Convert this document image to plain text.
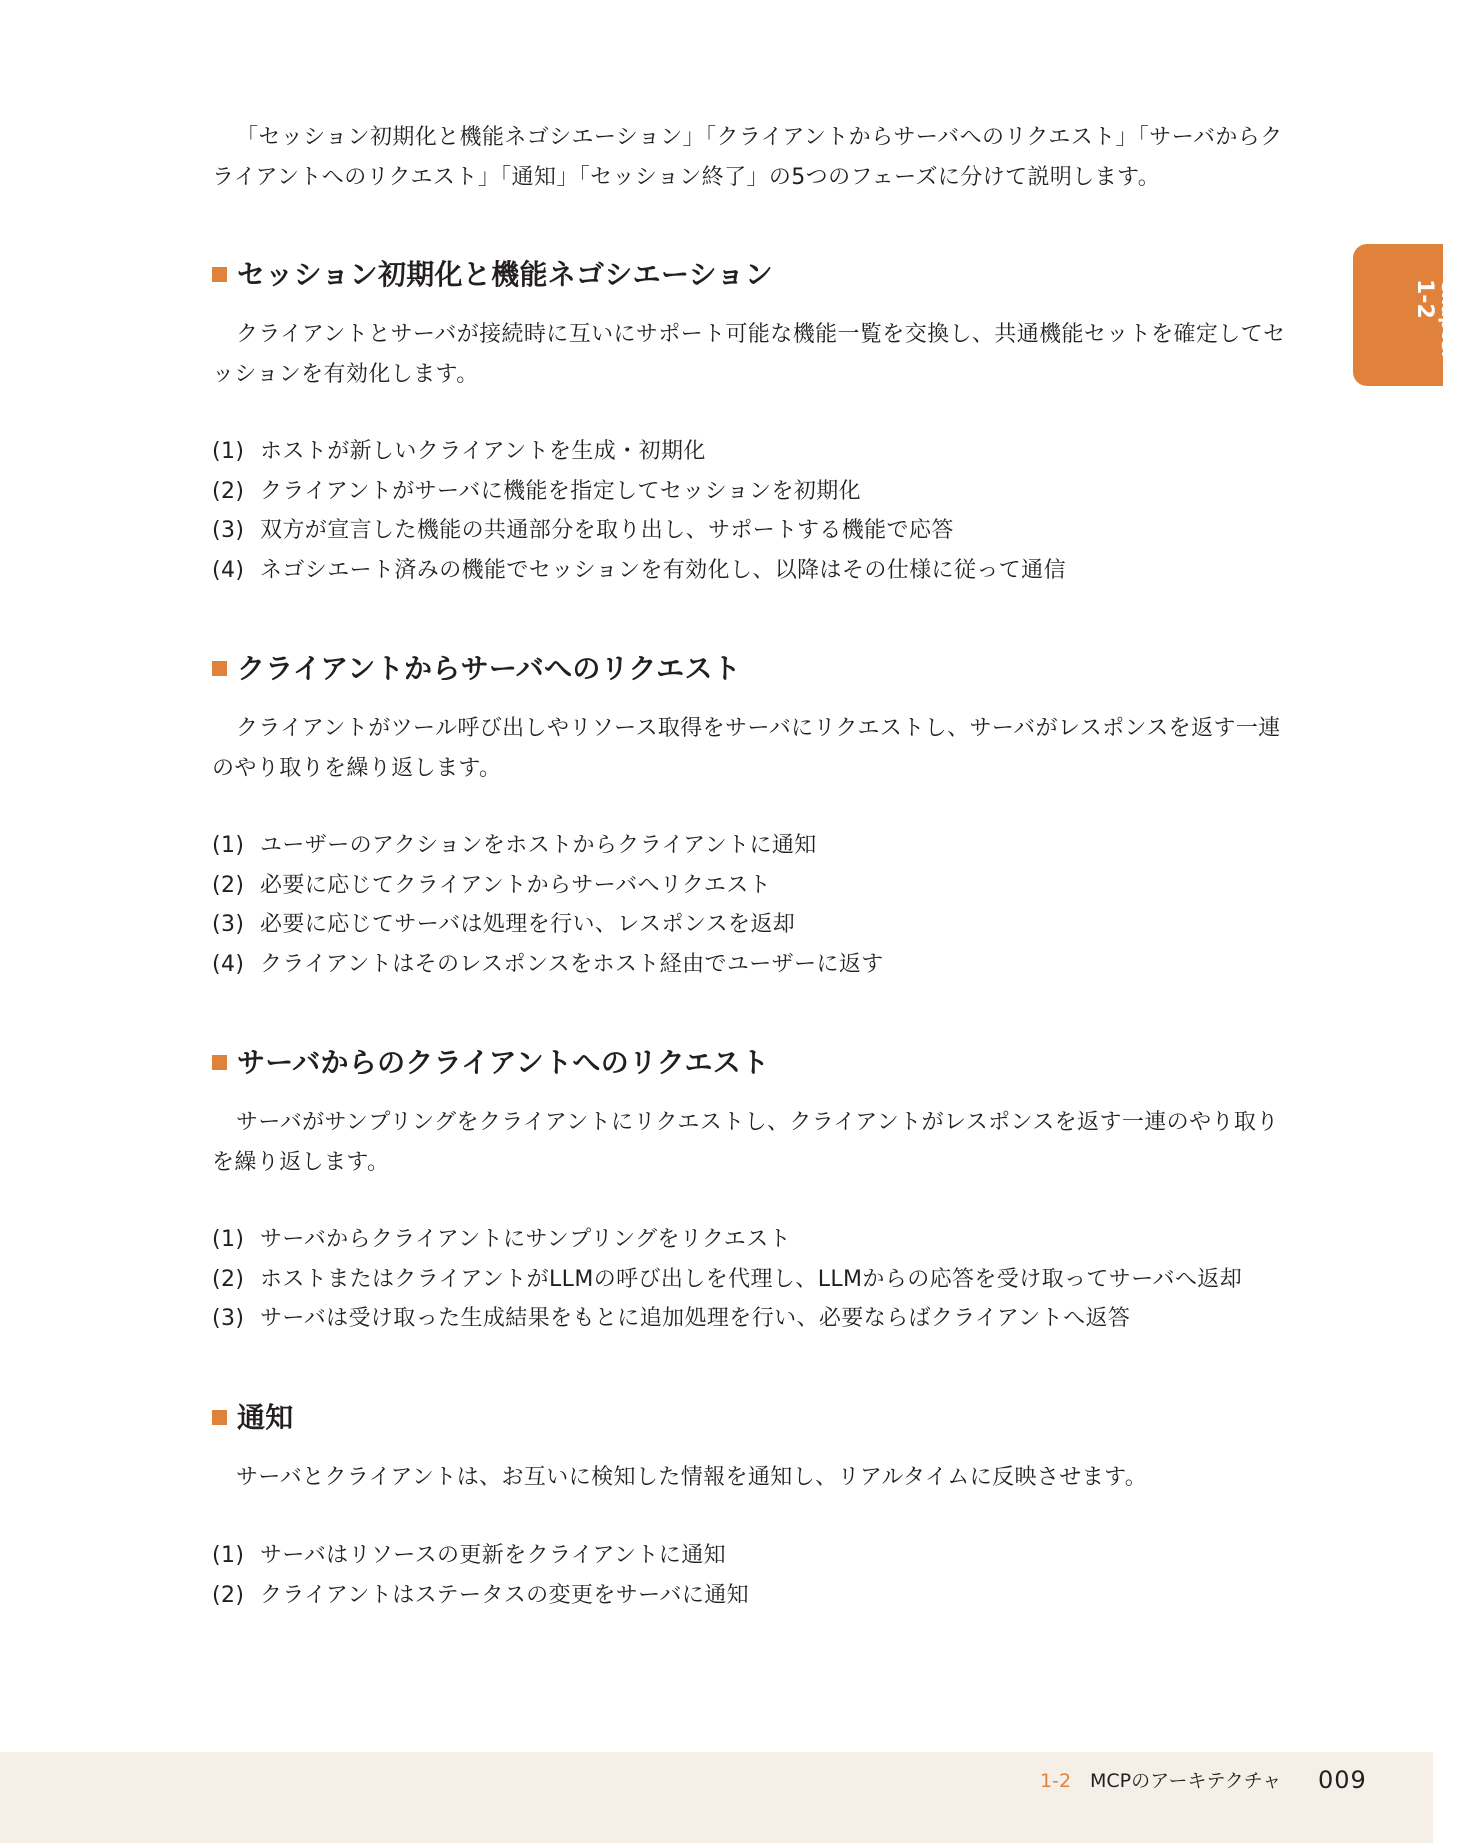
「セッション初期化と機能ネゴシエーション」「クライアントからサーバへのリクエスト」「サーバからクライアントへのリクエスト」「通知」「セッション終了」の5つのフェーズに分けて説明します。

セッション初期化と機能ネゴシエーション

クライアントとサーバが接続時に互いにサポート可能な機能一覧を交換し、共通機能セットを確定してセッションを有効化します。

(1) ホストが新しいクライアントを生成・初期化
(2) クライアントがサーバに機能を指定してセッションを初期化
(3) 双方が宣言した機能の共通部分を取り出し、サポートする機能で応答
(4) ネゴシエート済みの機能でセッションを有効化し、以降はその仕様に従って通信
クライアントからサーバへのリクエスト

クライアントがツール呼び出しやリソース取得をサーバにリクエストし、サーバがレスポンスを返す一連のやり取りを繰り返します。

(1) ユーザーのアクションをホストからクライアントに通知
(2) 必要に応じてクライアントからサーバへリクエスト
(3) 必要に応じてサーバは処理を行い、レスポンスを返却
(4) クライアントはそのレスポンスをホスト経由でユーザーに返す
サーバからのクライアントへのリクエスト

サーバがサンプリングをクライアントにリクエストし、クライアントがレスポンスを返す一連のやり取りを繰り返します。

(1) サーバからクライアントにサンプリングをリクエスト
(2) ホストまたはクライアントがLLMの呼び出しを代理し、LLMからの応答を受け取ってサーバへ返却
(3) サーバは受け取った生成結果をもとに追加処理を行い、必要ならばクライアントへ返答
通知

サーバとクライアントは、お互いに検知した情報を通知し、リアルタイムに反映させます。

(1) サーバはリソースの更新をクライアントに通知
(2) クライアントはステータスの変更をサーバに通知
Chapter
1-2
1-2 MCPのアーキテクチャ 009
